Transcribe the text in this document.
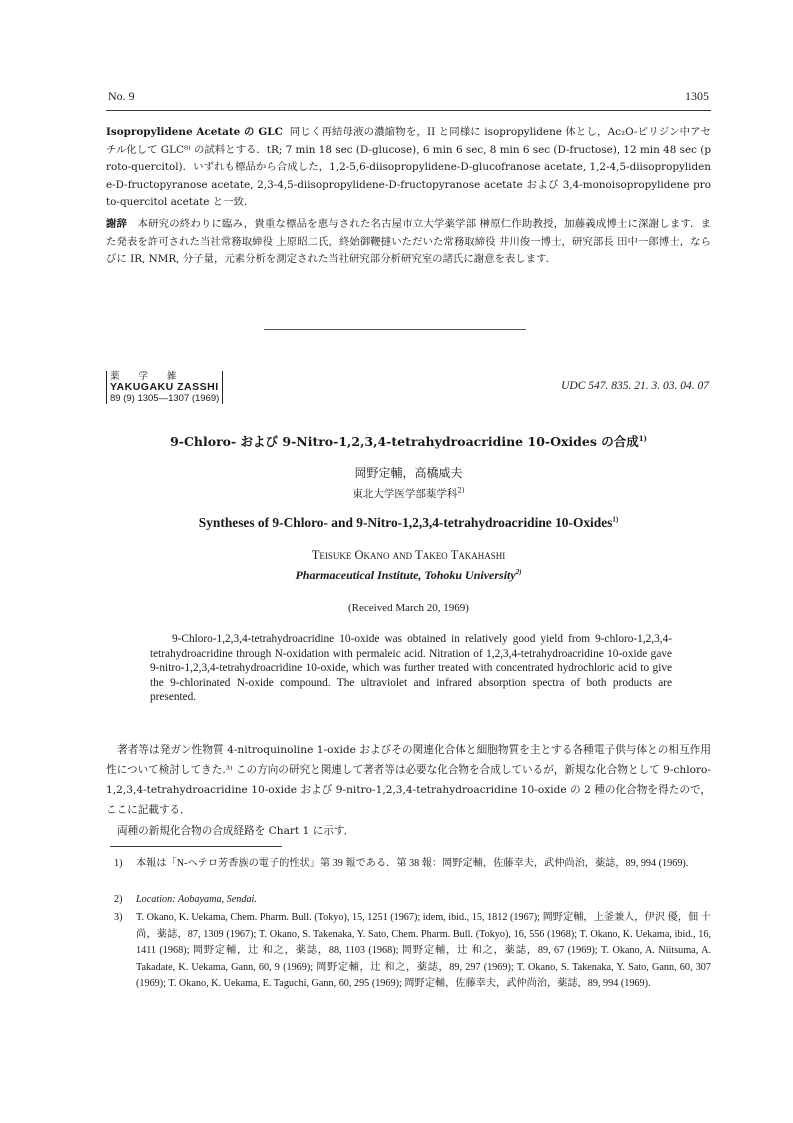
No. 9	1305
Isopropylidene Acetate の GLC 同じく再結母液の濃縮物を，II と同様に isopropylidene 体とし，Ac₂O-ピリジン中アセチル化して GLC⁸⁾ の試料とする．tR; 7 min 18 sec (D-glucose), 6 min 6 sec, 8 min 6 sec (D-fructose), 12 min 48 sec (proto-quercitol)．いずれも標品から合成した，1,2-5,6-diisopropylidene-D-glucofranose acetate, 1,2-4,5-diisopropylidene-D-fructopyranose acetate, 2,3-4,5-diisopropylidene-D-fructopyranose acetate および 3,4-monoisopropylidene proto-quercitol acetate と一致．
謝辞 本研究の終わりに臨み，貴重な標品を恵与された名古屋市立大学薬学部 榊原仁作助教授，加藤義成博士に深謝します．また発表を許可された当社常務取締役 上原昭二氏，終始御鞭撻いただいた常務取締役 井川俊一博士，研究部長 田中一郎博士，ならびに IR, NMR, 分子量，元素分析を測定された当社研究部分析研究室の諸氏に謝意を表します．
薬　　学　　雑
YAKUGAKU ZASSHI
89 (9) 1305―1307 (1969)
UDC 547. 835. 21. 3. 03. 04. 07
9-Chloro- および 9-Nitro-1,2,3,4-tetrahydroacridine 10-Oxides の合成$^{1)}$
岡野定輔，高橋威夫
東北大学医学部薬学科$^{2)}$
Syntheses of 9-Chloro- and 9-Nitro-1,2,3,4-tetrahydroacridine 10-Oxides$^{1)}$
Teisuke Okano and Takeo Takahashi
Pharmaceutical Institute, Tohoku University$^{2)}$
(Received March 20, 1969)
9-Chloro-1,2,3,4-tetrahydroacridine 10-oxide was obtained in relatively good yield from 9-chloro-1,2,3,4-tetrahydroacridine through N-oxidation with permaleic acid. Nitration of 1,2,3,4-tetrahydroacridine 10-oxide gave 9-nitro-1,2,3,4-tetrahydroacridine 10-oxide, which was further treated with concentrated hydrochloric acid to give the 9-chlorinated N-oxide compound. The ultraviolet and infrared absorption spectra of both products are presented.
著者等は発ガン性物質 4-nitroquinoline 1-oxide およびその関連化合体と細胞物質を主とする各種電子供与体との相互作用性について検討してきた.³⁾ この方向の研究と関連して著者等は必要な化合物を合成しているが，新規な化合物として 9-chloro-1,2,3,4-tetrahydroacridine 10-oxide および 9-nitro-1,2,3,4-tetrahydroacridine 10-oxide の 2 種の化合物を得たので，ここに記載する．
両種の新規化合物の合成経路を Chart 1 に示す．
1) 本報は「N-ヘテロ芳香族の電子的性状」第 39 報である．第 38 報：岡野定輔，佐藤幸夫，武仲尚治，薬誌，89, 994 (1969).
2) Location: Aobayama, Sendai.
3) T. Okano, K. Uekama, Chem. Pharm. Bull. (Tokyo), 15, 1251 (1967); idem, ibid., 15, 1812 (1967); 岡野定輔，上釜兼人，伊沢 優，佃 十尚，薬誌，87, 1309 (1967); T. Okano, S. Takenaka, Y. Sato, Chem. Pharm. Bull. (Tokyo), 16, 556 (1968); T. Okano, K. Uekama, ibid., 16, 1411 (1968); 岡野定輔，辻 和之，薬誌，88, 1103 (1968); 岡野定輔，辻 和之，薬誌，89, 67 (1969); T. Okano, A. Niitsuma, A. Takadate, K. Uekama, Gann, 60, 9 (1969); 岡野定輔，辻 和之，薬誌，89, 297 (1969); T. Okano, S. Takenaka, Y. Sato, Gann, 60, 307 (1969); T. Okano, K. Uekama, E. Taguchi, Gann, 60, 295 (1969); 岡野定輔，佐藤幸夫，武仲尚治，薬誌，89, 994 (1969).
